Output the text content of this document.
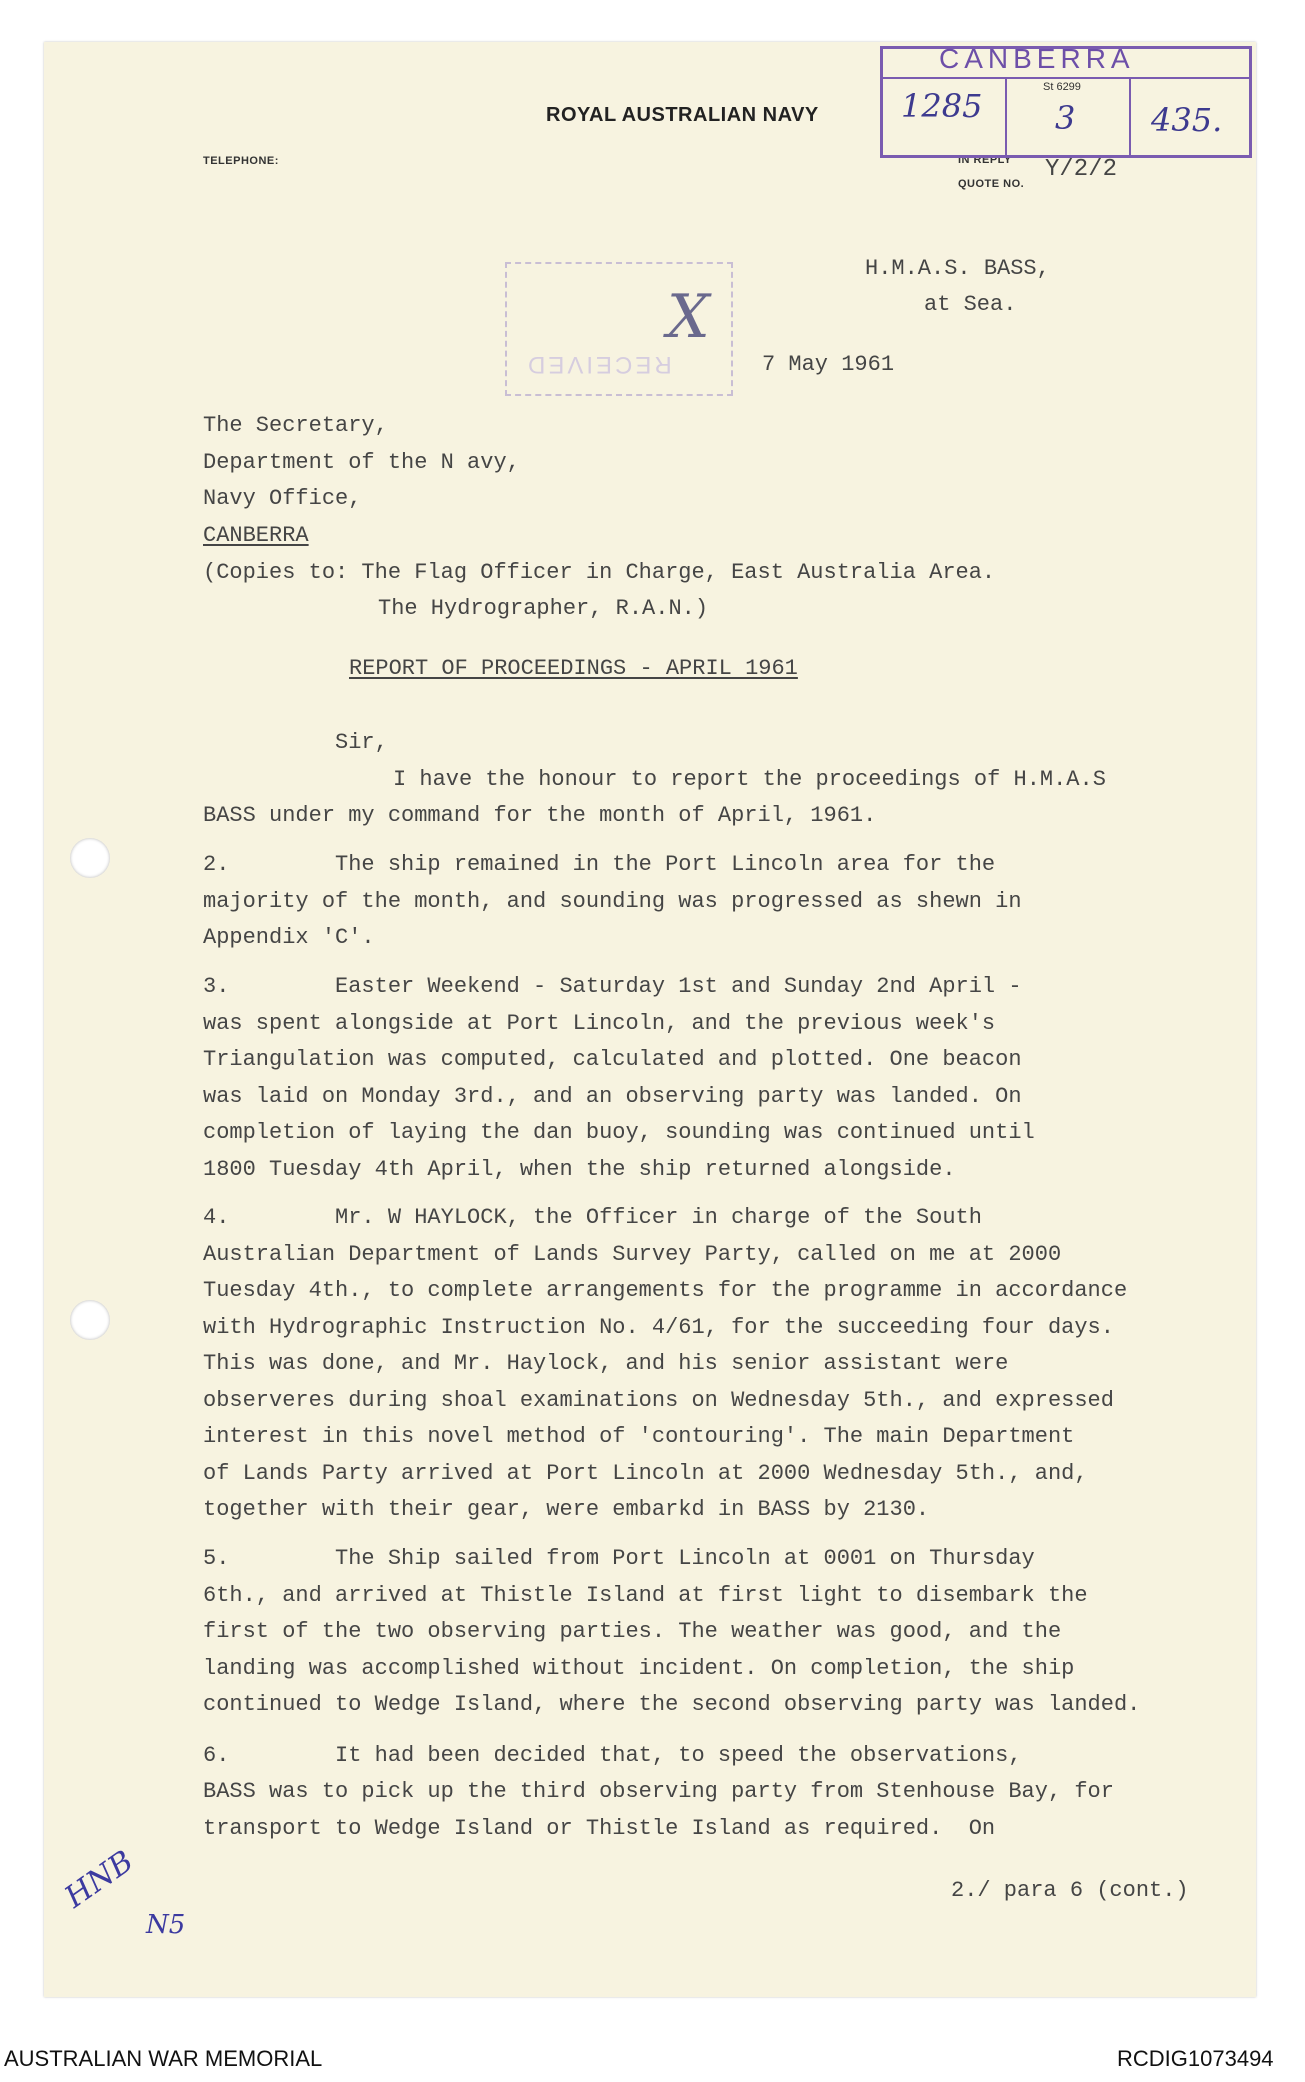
ROYAL AUSTRALIAN NAVY
TELEPHONE:	IN REPLY
QUOTE NO.
Y/2/2
CANBERRA
St 6299
1285 3 435.
RECEIVED
X
H.M.A.S. BASS,
at Sea.
7 May 1961
The Secretary,
Department of the N avy,
Navy Office,
CANBERRA
(Copies to: The Flag Officer in Charge, East Australia Area.
The Hydrographer, R.A.N.)
REPORT OF PROCEEDINGS - APRIL 1961
Sir,
I have the honour to report the proceedings of H.M.A.S
BASS under my command for the month of April, 1961.
2.        The ship remained in the Port Lincoln area for the
majority of the month, and sounding was progressed as shewn in
Appendix 'C'.
3.        Easter Weekend - Saturday 1st and Sunday 2nd April -
was spent alongside at Port Lincoln, and the previous week's
Triangulation was computed, calculated and plotted. One beacon
was laid on Monday 3rd., and an observing party was landed. On
completion of laying the dan buoy, sounding was continued until
1800 Tuesday 4th April, when the ship returned alongside.
4.        Mr. W HAYLOCK, the Officer in charge of the South
Australian Department of Lands Survey Party, called on me at 2000
Tuesday 4th., to complete arrangements for the programme in accordance
with Hydrographic Instruction No. 4/61, for the succeeding four days.
This was done, and Mr. Haylock, and his senior assistant were
observeres during shoal examinations on Wednesday 5th., and expressed
interest in this novel method of 'contouring'. The main Department
of Lands Party arrived at Port Lincoln at 2000 Wednesday 5th., and,
together with their gear, were embarkd in BASS by 2130.
5.        The Ship sailed from Port Lincoln at 0001 on Thursday
6th., and arrived at Thistle Island at first light to disembark the
first of the two observing parties. The weather was good, and the
landing was accomplished without incident. On completion, the ship
continued to Wedge Island, where the second observing party was landed.
6.        It had been decided that, to speed the observations,
BASS was to pick up the third observing party from Stenhouse Bay, for
transport to Wedge Island or Thistle Island as required.  On
2./ para 6 (cont.)
HNB
N5
AUSTRALIAN WAR MEMORIAL	RCDIG1073494
